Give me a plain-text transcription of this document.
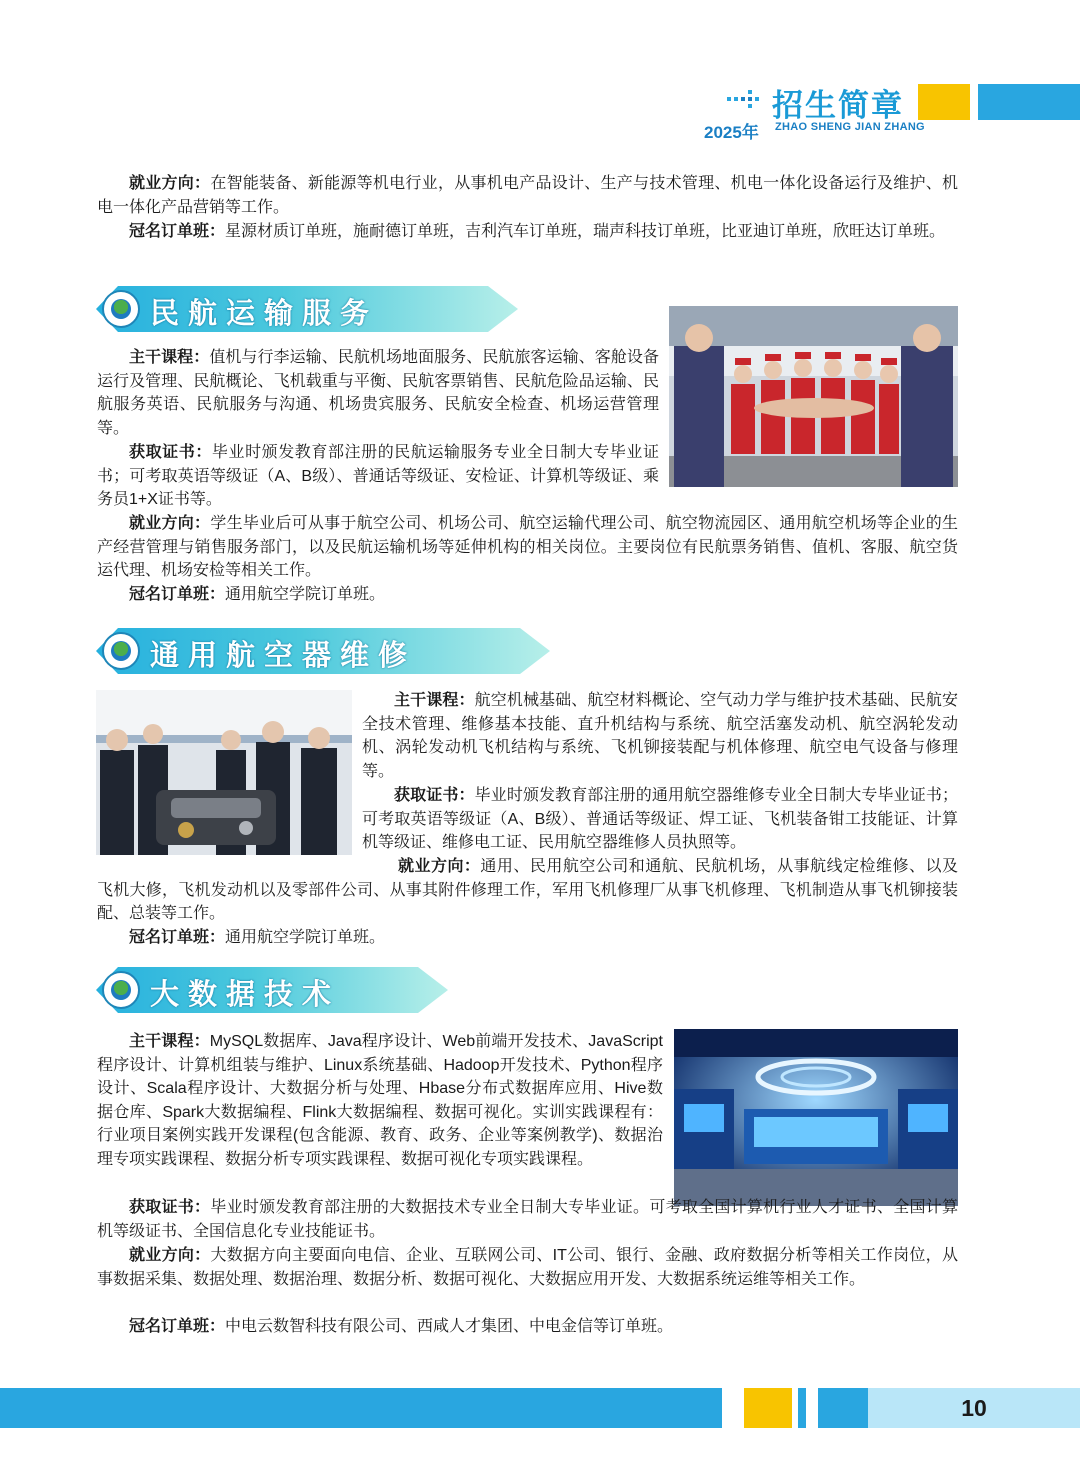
招生简章
2025年 ZHAO SHENG JIAN ZHANG

就业方向：在智能装备、新能源等机电行业，从事机电产品设计、生产与技术管理、机电一体化设备运行及维护、机电一体化产品营销等工作。

冠名订单班：星源材质订单班，施耐德订单班，吉利汽车订单班，瑞声科技订单班，比亚迪订单班，欣旺达订单班。

民航运输服务

主干课程：值机与行李运输、民航机场地面服务、民航旅客运输、客舱设备运行及管理、民航概论、飞机载重与平衡、民航客票销售、民航危险品运输、民航服务英语、民航服务与沟通、机场贵宾服务、民航安全检查、机场运营管理等。

获取证书：毕业时颁发教育部注册的民航运输服务专业全日制大专毕业证书；可考取英语等级证（A、B级）、普通话等级证、安检证、计算机等级证、乘务员1+X证书等。

就业方向：学生毕业后可从事于航空公司、机场公司、航空运输代理公司、航空物流园区、通用航空机场等企业的生产经营管理与销售服务部门，以及民航运输机场等延伸机构的相关岗位。主要岗位有民航票务销售、值机、客服、航空货运代理、机场安检等相关工作。

冠名订单班：通用航空学院订单班。

通用航空器维修

主干课程：航空机械基础、航空材料概论、空气动力学与维护技术基础、民航安全技术管理、维修基本技能、直升机结构与系统、航空活塞发动机、航空涡轮发动机、涡轮发动机飞机结构与系统、飞机铆接装配与机体修理、航空电气设备与修理等。

获取证书：毕业时颁发教育部注册的通用航空器维修专业全日制大专毕业证书；可考取英语等级证（A、B级）、普通话等级证、焊工证、飞机装备钳工技能证、计算机等级证、维修电工证、民用航空器维修人员执照等。

就业方向：通用、民用航空公司和通航、民航机场，从事航线定检维修、以及飞机大修，飞机发动机以及零部件公司、从事其附件修理工作，军用飞机修理厂从事飞机修理、飞机制造从事飞机铆接装配、总装等工作。

冠名订单班：通用航空学院订单班。

大数据技术

主干课程：MySQL数据库、Java程序设计、Web前端开发技术、JavaScript程序设计、计算机组装与维护、Linux系统基础、Hadoop开发技术、Python程序设计、Scala程序设计、大数据分析与处理、Hbase分布式数据库应用、Hive数据仓库、Spark大数据编程、Flink大数据编程、数据可视化。实训实践课程有：行业项目案例实践开发课程(包含能源、教育、政务、企业等案例教学)、数据治理专项实践课程、数据分析专项实践课程、数据可视化专项实践课程。

获取证书：毕业时颁发教育部注册的大数据技术专业全日制大专毕业证。可考取全国计算机行业人才证书、全国计算机等级证书、全国信息化专业技能证书。

就业方向：大数据方向主要面向电信、企业、互联网公司、IT公司、银行、金融、政府数据分析等相关工作岗位，从事数据采集、数据处理、数据治理、数据分析、数据可视化、大数据应用开发、大数据系统运维等相关工作。

冠名订单班：中电云数智科技有限公司、西咸人才集团、中电金信等订单班。

10
